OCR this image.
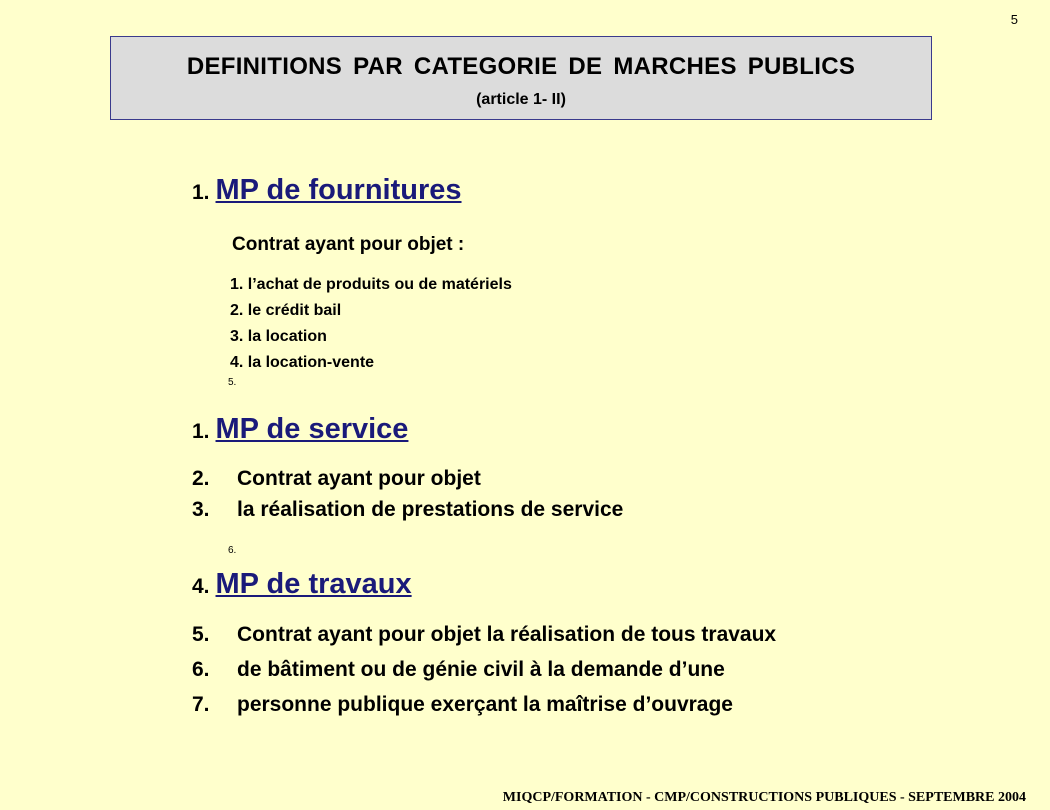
5
DEFINITIONS PAR CATEGORIE DE MARCHES PUBLICS
(article 1- II)
1. MP de fournitures
Contrat ayant pour objet :
1. l’achat de produits ou de matériels
2. le crédit bail
3. la location
4. la location-vente
5.
1. MP de service
2.	Contrat ayant pour objet
3.	la réalisation de prestations de service
6.
4. MP de travaux
5.	Contrat ayant pour objet la réalisation de tous travaux
6.	de bâtiment ou de génie civil à la demande d’une
7.	personne publique exerçant la maîtrise d’ouvrage
MIQCP/FORMATION - CMP/CONSTRUCTIONS PUBLIQUES - SEPTEMBRE 2004
